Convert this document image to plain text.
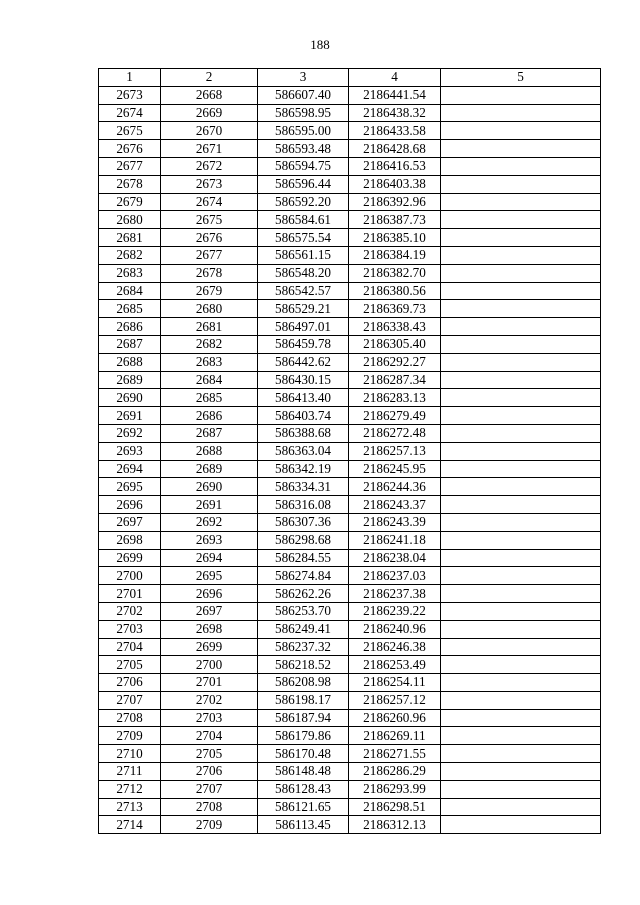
188
1	2	3	4	5
2673	2668	586607.40	2186441.54	
2674	2669	586598.95	2186438.32	
2675	2670	586595.00	2186433.58	
2676	2671	586593.48	2186428.68	
2677	2672	586594.75	2186416.53	
2678	2673	586596.44	2186403.38	
2679	2674	586592.20	2186392.96	
2680	2675	586584.61	2186387.73	
2681	2676	586575.54	2186385.10	
2682	2677	586561.15	2186384.19	
2683	2678	586548.20	2186382.70	
2684	2679	586542.57	2186380.56	
2685	2680	586529.21	2186369.73	
2686	2681	586497.01	2186338.43	
2687	2682	586459.78	2186305.40	
2688	2683	586442.62	2186292.27	
2689	2684	586430.15	2186287.34	
2690	2685	586413.40	2186283.13	
2691	2686	586403.74	2186279.49	
2692	2687	586388.68	2186272.48	
2693	2688	586363.04	2186257.13	
2694	2689	586342.19	2186245.95	
2695	2690	586334.31	2186244.36	
2696	2691	586316.08	2186243.37	
2697	2692	586307.36	2186243.39	
2698	2693	586298.68	2186241.18	
2699	2694	586284.55	2186238.04	
2700	2695	586274.84	2186237.03	
2701	2696	586262.26	2186237.38	
2702	2697	586253.70	2186239.22	
2703	2698	586249.41	2186240.96	
2704	2699	586237.32	2186246.38	
2705	2700	586218.52	2186253.49	
2706	2701	586208.98	2186254.11	
2707	2702	586198.17	2186257.12	
2708	2703	586187.94	2186260.96	
2709	2704	586179.86	2186269.11	
2710	2705	586170.48	2186271.55	
2711	2706	586148.48	2186286.29	
2712	2707	586128.43	2186293.99	
2713	2708	586121.65	2186298.51	
2714	2709	586113.45	2186312.13	
